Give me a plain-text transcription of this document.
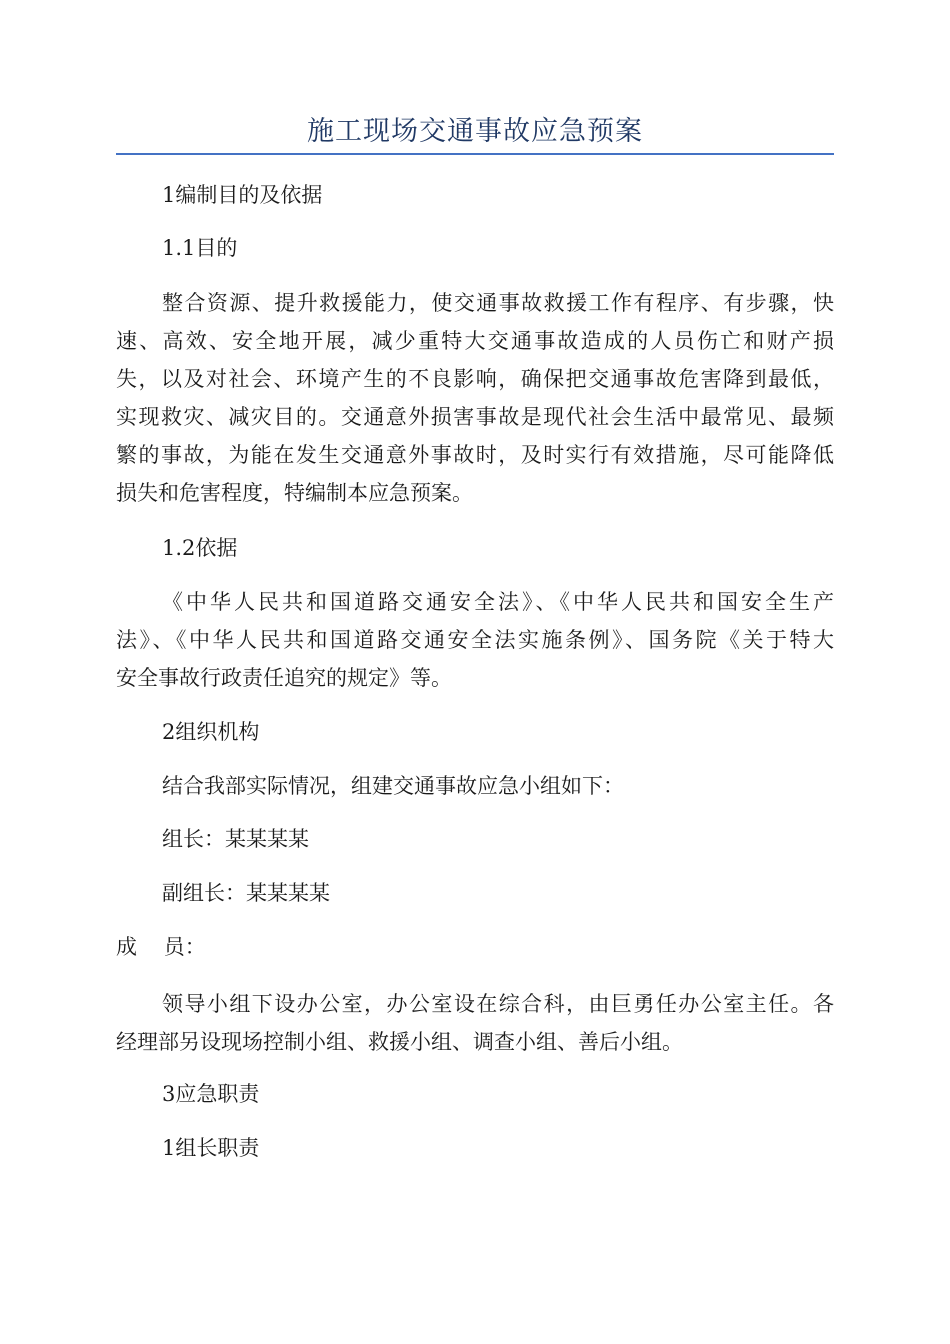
施工现场交通事故应急预案
1编制目的及依据
1.1目的
整合资源、提升救援能力，使交通事故救援工作有程序、有步骤，快
速、高效、安全地开展，减少重特大交通事故造成的人员伤亡和财产损
失，以及对社会、环境产生的不良影响，确保把交通事故危害降到最低，
实现救灾、减灾目的。交通意外损害事故是现代社会生活中最常见、最频
繁的事故，为能在发生交通意外事故时，及时实行有效措施，尽可能降低
损失和危害程度，特编制本应急预案。
1.2依据
《中华人民共和国道路交通安全法》、《中华人民共和国安全生产
法》、《中华人民共和国道路交通安全法实施条例》、国务院《关于特大
安全事故行政责任追究的规定》等。
2组织机构
结合我部实际情况，组建交通事故应急小组如下：
组长：某某某某
副组长：某某某某
成    员：
领导小组下设办公室，办公室设在综合科，由巨勇任办公室主任。各
经理部另设现场控制小组、救援小组、调查小组、善后小组。
3应急职责
1组长职责
